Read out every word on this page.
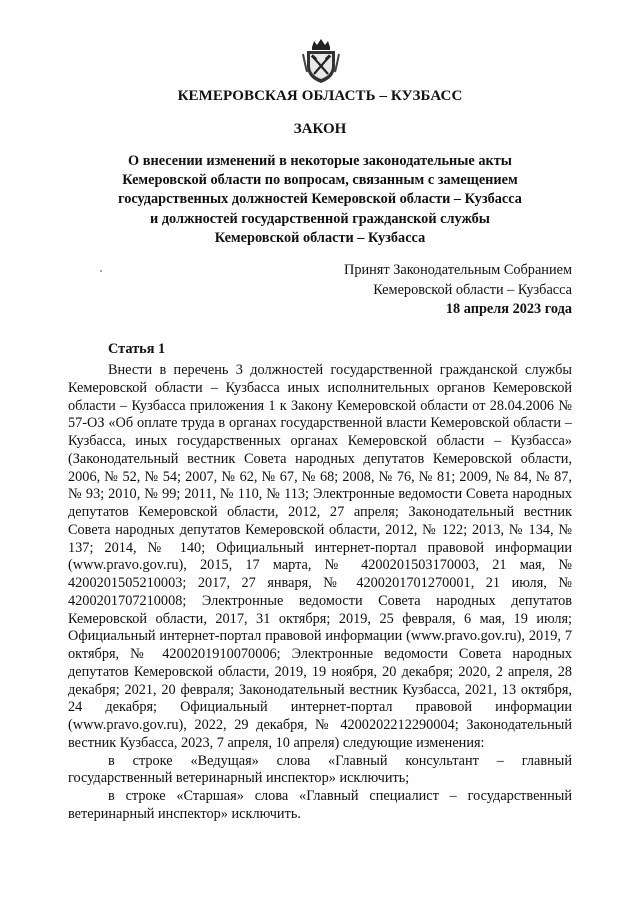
КЕМЕРОВСКАЯ ОБЛАСТЬ – КУЗБАСС
ЗАКОН
О внесении изменений в некоторые законодательные акты
Кемеровской области по вопросам, связанным с замещением
государственных должностей Кемеровской области – Кузбасса
и должностей государственной гражданской службы
Кемеровской области – Кузбасса
Принят Законодательным Собранием
Кемеровской области – Кузбасса
18 апреля 2023 года
Статья 1

Внести в перечень 3 должностей государственной гражданской службы Кемеровской области – Кузбасса иных исполнительных органов Кемеровской области – Кузбасса приложения 1 к Закону Кемеровской области от 28.04.2006 № 57-ОЗ «Об оплате труда в органах государственной власти Кемеровской области – Кузбасса, иных государственных органах Кемеровской области – Кузбасса» (Законодательный вестник Совета народных депутатов Кемеровской области, 2006, № 52, № 54; 2007, № 62, № 67, № 68; 2008, № 76, № 81; 2009, № 84, № 87, № 93; 2010, № 99; 2011, № 110, № 113; Электронные ведомости Совета народных депутатов Кемеровской области, 2012, 27 апреля; Законодательный вестник Совета народных депутатов Кемеровской области, 2012, № 122; 2013, № 134, № 137; 2014, № 140; Официальный интернет-портал правовой информации (www.pravo.gov.ru), 2015, 17 марта, № 4200201503170003, 21 мая, № 4200201505210003; 2017, 27 января, № 4200201701270001, 21 июля, № 4200201707210008; Электронные ведомости Совета народных депутатов Кемеровской области, 2017, 31 октября; 2019, 25 февраля, 6 мая, 19 июля; Официальный интернет-портал правовой информации (www.pravo.gov.ru), 2019, 7 октября, № 4200201910070006; Электронные ведомости Совета народных депутатов Кемеровской области, 2019, 19 ноября, 20 декабря; 2020, 2 апреля, 28 декабря; 2021, 20 февраля; Законодательный вестник Кузбасса, 2021, 13 октября, 24 декабря; Официальный интернет-портал правовой информации (www.pravo.gov.ru), 2022, 29 декабря, № 4200202212290004; Законодательный вестник Кузбасса, 2023, 7 апреля, 10 апреля) следующие изменения:

в строке «Ведущая» слова «Главный консультант – главный государственный ветеринарный инспектор» исключить;

в строке «Старшая» слова «Главный специалист – государственный ветеринарный инспектор» исключить.
